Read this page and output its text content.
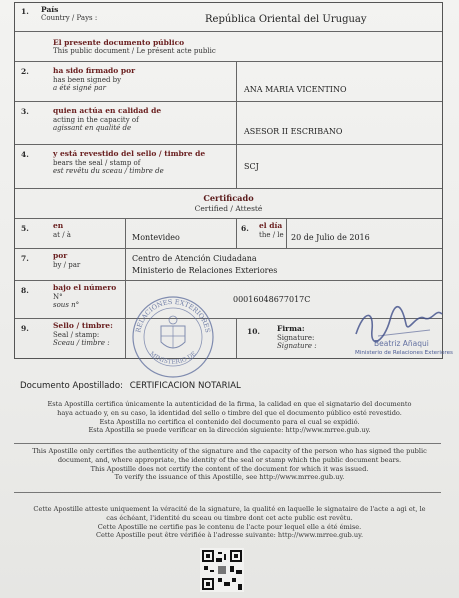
1. País
Country / Pays :	República Oriental del Uruguay
El presente documento público
This public document / Le présent acte public
2.	ha sido firmado por
has been signed by
a été signé par	ANA MARIA VICENTINO
3.	quien actúa en calidad de
acting in the capacity of
agissant en qualité de	ASESOR II ESCRIBANO
4.	y está revestido del sello / timbre de
bears the seal / stamp of
est revêtu du sceau / timbre de	SCJ
Certificado
Certified / Attesté
5.	en
at / à	Montevideo
6. el día
the / le 20 de Julio de 2016
7.	por
by / par
Centro de Atención Ciudadana
Ministerio de Relaciones Exteriores
8.	bajo el número
N°
sous n°
00016048677017C
9.	Sello / timbre:
Seal / stamp:
Sceau / timbre :
10. Firma:
Signature:
Signature :
RELACIONES EXTERIORES
MINISTERIO DE
Beatriz Añaqui
Ministerio de Relaciones Exteriores
Documento Apostillado: CERTIFICACION NOTARIAL
Esta Apostilla certifica únicamente la autenticidad de la firma, la calidad en que el signatario del documento
haya actuado y, en su caso, la identidad del sello o timbre del que el documento público esté revestido.
Esta Apostilla no certifica el contenido del documento para el cual se expidió.
Esta Apostilla se puede verificar en la dirección siguiente: http://www.mrree.gub.uy.
This Apostille only certifies the authenticity of the signature and the capacity of the person who has signed the public
document, and, where appropriate, the identity of the seal or stamp which the public document bears.
This Apostille does not certify the content of the document for which it was issued.
To verify the issuance of this Apostille, see http://www.mrree.gub.uy.
Cette Apostille atteste uniquement la véracité de la signature, la qualité en laquelle le signataire de l'acte a agi et, le
cas échéant, l'identité du sceau ou timbre dont cet acte public est revêtu.
Cette Apostille ne certifie pas le contenu de l'acte pour lequel elle a été émise.
Cette Apostille peut être vérifiée à l'adresse suivante: http://www.mrree.gub.uy.
